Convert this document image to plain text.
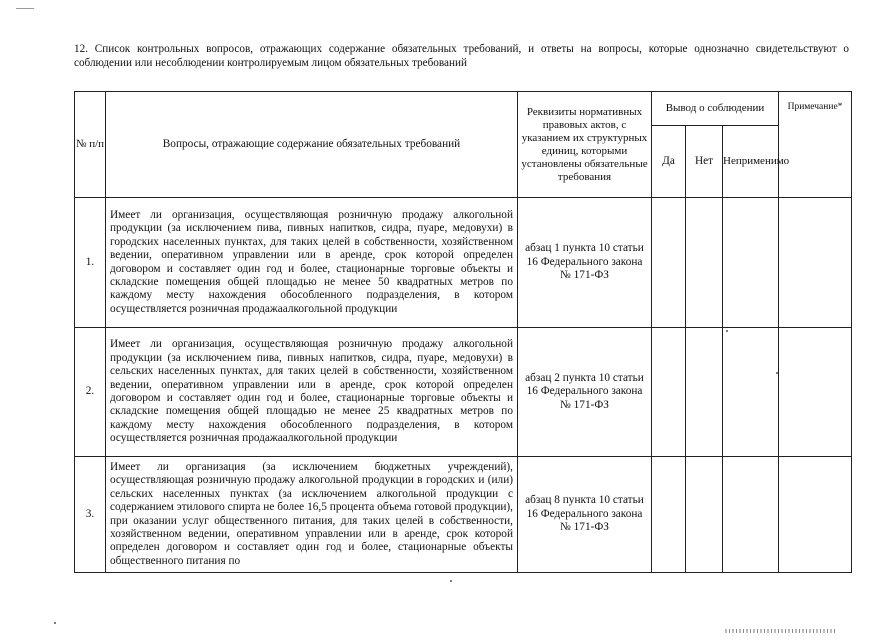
12. Список контрольных вопросов, отражающих содержание обязательных требований, и ответы на вопросы, которые однозначно свидетельствуют о соблюдении или несоблюдении контролируемым лицом обязательных требований
№ п/п	Вопросы, отражающие содержание обязательных требований	Реквизиты нормативных правовых актов, с указанием их структурных единиц, которыми установлены обязательные требования	Вывод о соблюдении			Примечание*
			Да	Нет	Неприменимо	
1.	Имеет ли организация, осуществляющая розничную продажу алкогольной продукции (за исключением пива, пивных напитков, сидра, пуаре, медовухи) в городских населенных пунктах, для таких целей в собственности, хозяйственном ведении, оперативном управлении или в аренде, срок которой определен договором и составляет один год и более, стационарные торговые объекты и складские помещения общей площадью не менее 50 квадратных метров по каждому месту нахождения обособленного подразделения, в котором осуществляется розничная продажаалкогольной продукции	абзац 1 пункта 10 статьи 16 Федерального закона № 171-ФЗ				
2.	Имеет ли организация, осуществляющая розничную продажу алкогольной продукции (за исключением пива, пивных напитков, сидра, пуаре, медовухи) в сельских населенных пунктах, для таких целей в собственности, хозяйственном ведении, оперативном управлении или в аренде, срок которой определен договором и составляет один год и более, стационарные торговые объекты и складские помещения общей площадью не менее 25 квадратных метров по каждому месту нахождения обособленного подразделения, в котором осуществляется розничная продажаалкогольной продукции	абзац 2 пункта 10 статьи 16 Федерального закона № 171-ФЗ				
3.	Имеет ли организация (за исключением бюджетных учреждений), осуществляющая розничную продажу алкогольной продукции в городских и (или) сельских населенных пунктах (за исключением алкогольной продукции с содержанием этилового спирта не более 16,5 процента объема готовой продукции), при оказании услуг общественного питания, для таких целей в собственности, хозяйственном ведении, оперативном управлении или в аренде, срок которой определен договором и составляет один год и более, стационарные объекты общественного питания по	абзац 8 пункта 10 статьи 16 Федерального закона № 171-ФЗ				
